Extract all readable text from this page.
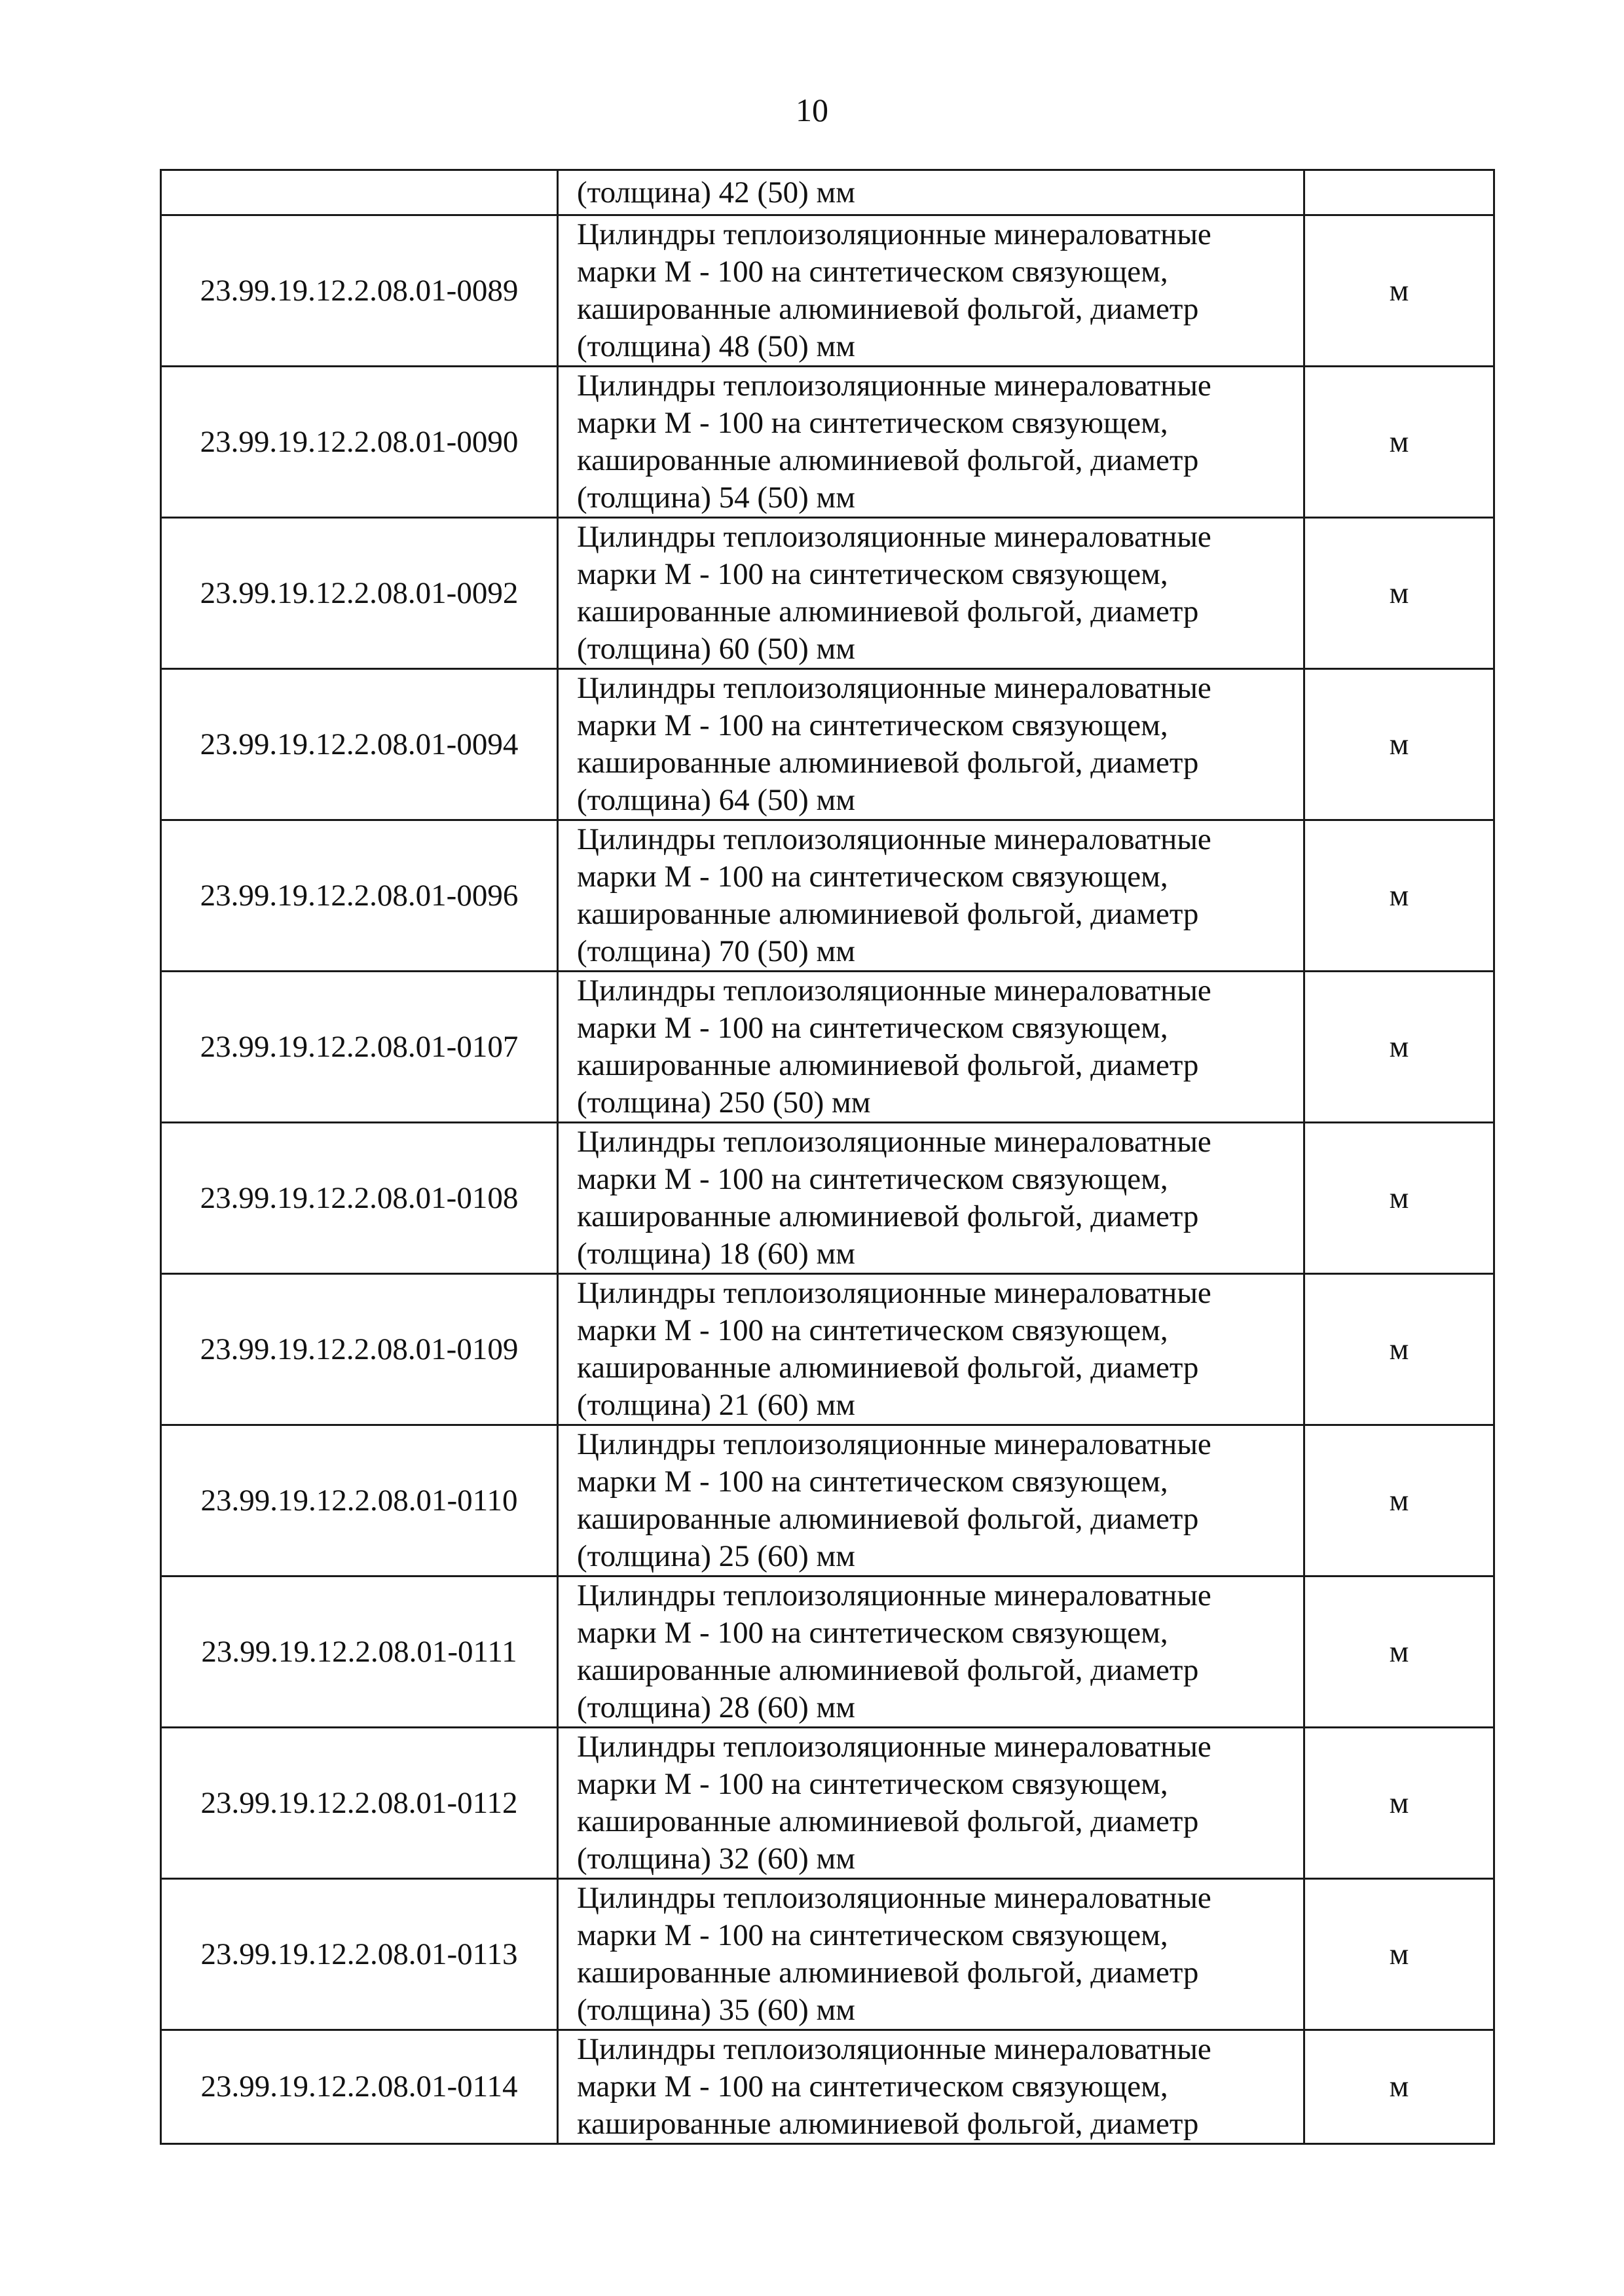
10

	(толщина) 42 (50) мм	

23.99.19.12.2.08.01-0089	Цилиндры теплоизоляционные минераловатные
марки М - 100 на синтетическом связующем,
кашированные алюминиевой фольгой, диаметр
(толщина) 48 (50) мм	м
23.99.19.12.2.08.01-0090	Цилиндры теплоизоляционные минераловатные
марки М - 100 на синтетическом связующем,
кашированные алюминиевой фольгой, диаметр
(толщина) 54 (50) мм	м
23.99.19.12.2.08.01-0092	Цилиндры теплоизоляционные минераловатные
марки М - 100 на синтетическом связующем,
кашированные алюминиевой фольгой, диаметр
(толщина) 60 (50) мм	м
23.99.19.12.2.08.01-0094	Цилиндры теплоизоляционные минераловатные
марки М - 100 на синтетическом связующем,
кашированные алюминиевой фольгой, диаметр
(толщина) 64 (50) мм	м
23.99.19.12.2.08.01-0096	Цилиндры теплоизоляционные минераловатные
марки М - 100 на синтетическом связующем,
кашированные алюминиевой фольгой, диаметр
(толщина) 70 (50) мм	м
23.99.19.12.2.08.01-0107	Цилиндры теплоизоляционные минераловатные
марки М - 100 на синтетическом связующем,
кашированные алюминиевой фольгой, диаметр
(толщина) 250 (50) мм	м
23.99.19.12.2.08.01-0108	Цилиндры теплоизоляционные минераловатные
марки М - 100 на синтетическом связующем,
кашированные алюминиевой фольгой, диаметр
(толщина) 18 (60) мм	м
23.99.19.12.2.08.01-0109	Цилиндры теплоизоляционные минераловатные
марки М - 100 на синтетическом связующем,
кашированные алюминиевой фольгой, диаметр
(толщина) 21 (60) мм	м
23.99.19.12.2.08.01-0110	Цилиндры теплоизоляционные минераловатные
марки М - 100 на синтетическом связующем,
кашированные алюминиевой фольгой, диаметр
(толщина) 25 (60) мм	м
23.99.19.12.2.08.01-0111	Цилиндры теплоизоляционные минераловатные
марки М - 100 на синтетическом связующем,
кашированные алюминиевой фольгой, диаметр
(толщина) 28 (60) мм	м
23.99.19.12.2.08.01-0112	Цилиндры теплоизоляционные минераловатные
марки М - 100 на синтетическом связующем,
кашированные алюминиевой фольгой, диаметр
(толщина) 32 (60) мм	м
23.99.19.12.2.08.01-0113	Цилиндры теплоизоляционные минераловатные
марки М - 100 на синтетическом связующем,
кашированные алюминиевой фольгой, диаметр
(толщина) 35 (60) мм	м
23.99.19.12.2.08.01-0114	Цилиндры теплоизоляционные минераловатные
марки М - 100 на синтетическом связующем,
кашированные алюминиевой фольгой, диаметр	м
